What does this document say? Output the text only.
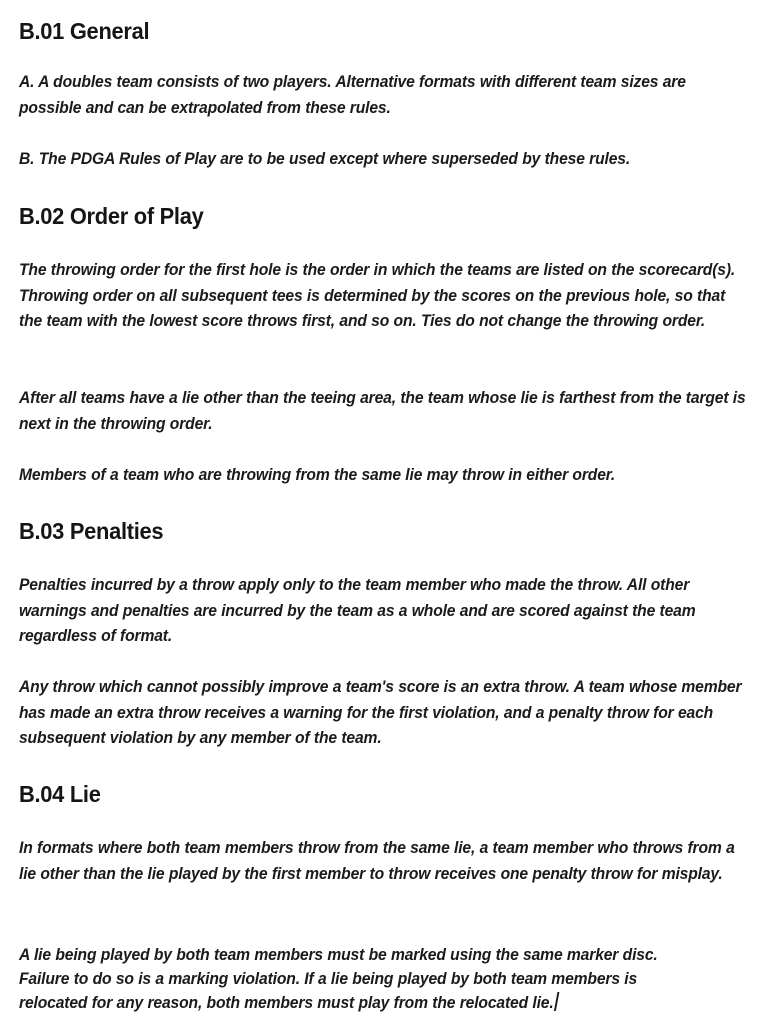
B.01 General

A. A doubles team consists of two players. Alternative formats with different team sizes are possible and can be extrapolated from these rules.

B. The PDGA Rules of Play are to be used except where superseded by these rules.

B.02 Order of Play

The throwing order for the first hole is the order in which the teams are listed on the scorecard(s). Throwing order on all subsequent tees is determined by the scores on the previous hole, so that the team with the lowest score throws first, and so on. Ties do not change the throwing order.

After all teams have a lie other than the teeing area, the team whose lie is farthest from the target is next in the throwing order.

Members of a team who are throwing from the same lie may throw in either order.

B.03 Penalties

Penalties incurred by a throw apply only to the team member who made the throw. All other warnings and penalties are incurred by the team as a whole and are scored against the team regardless of format.

Any throw which cannot possibly improve a team's score is an extra throw. A team whose member has made an extra throw receives a warning for the first violation, and a penalty throw for each subsequent violation by any member of the team.

B.04 Lie

In formats where both team members throw from the same lie, a team member who throws from a lie other than the lie played by the first member to throw receives one penalty throw for misplay.

A lie being played by both team members must be marked using the same marker disc. Failure to do so is a marking violation. If a lie being played by both team members is relocated for any reason, both members must play from the relocated lie.
